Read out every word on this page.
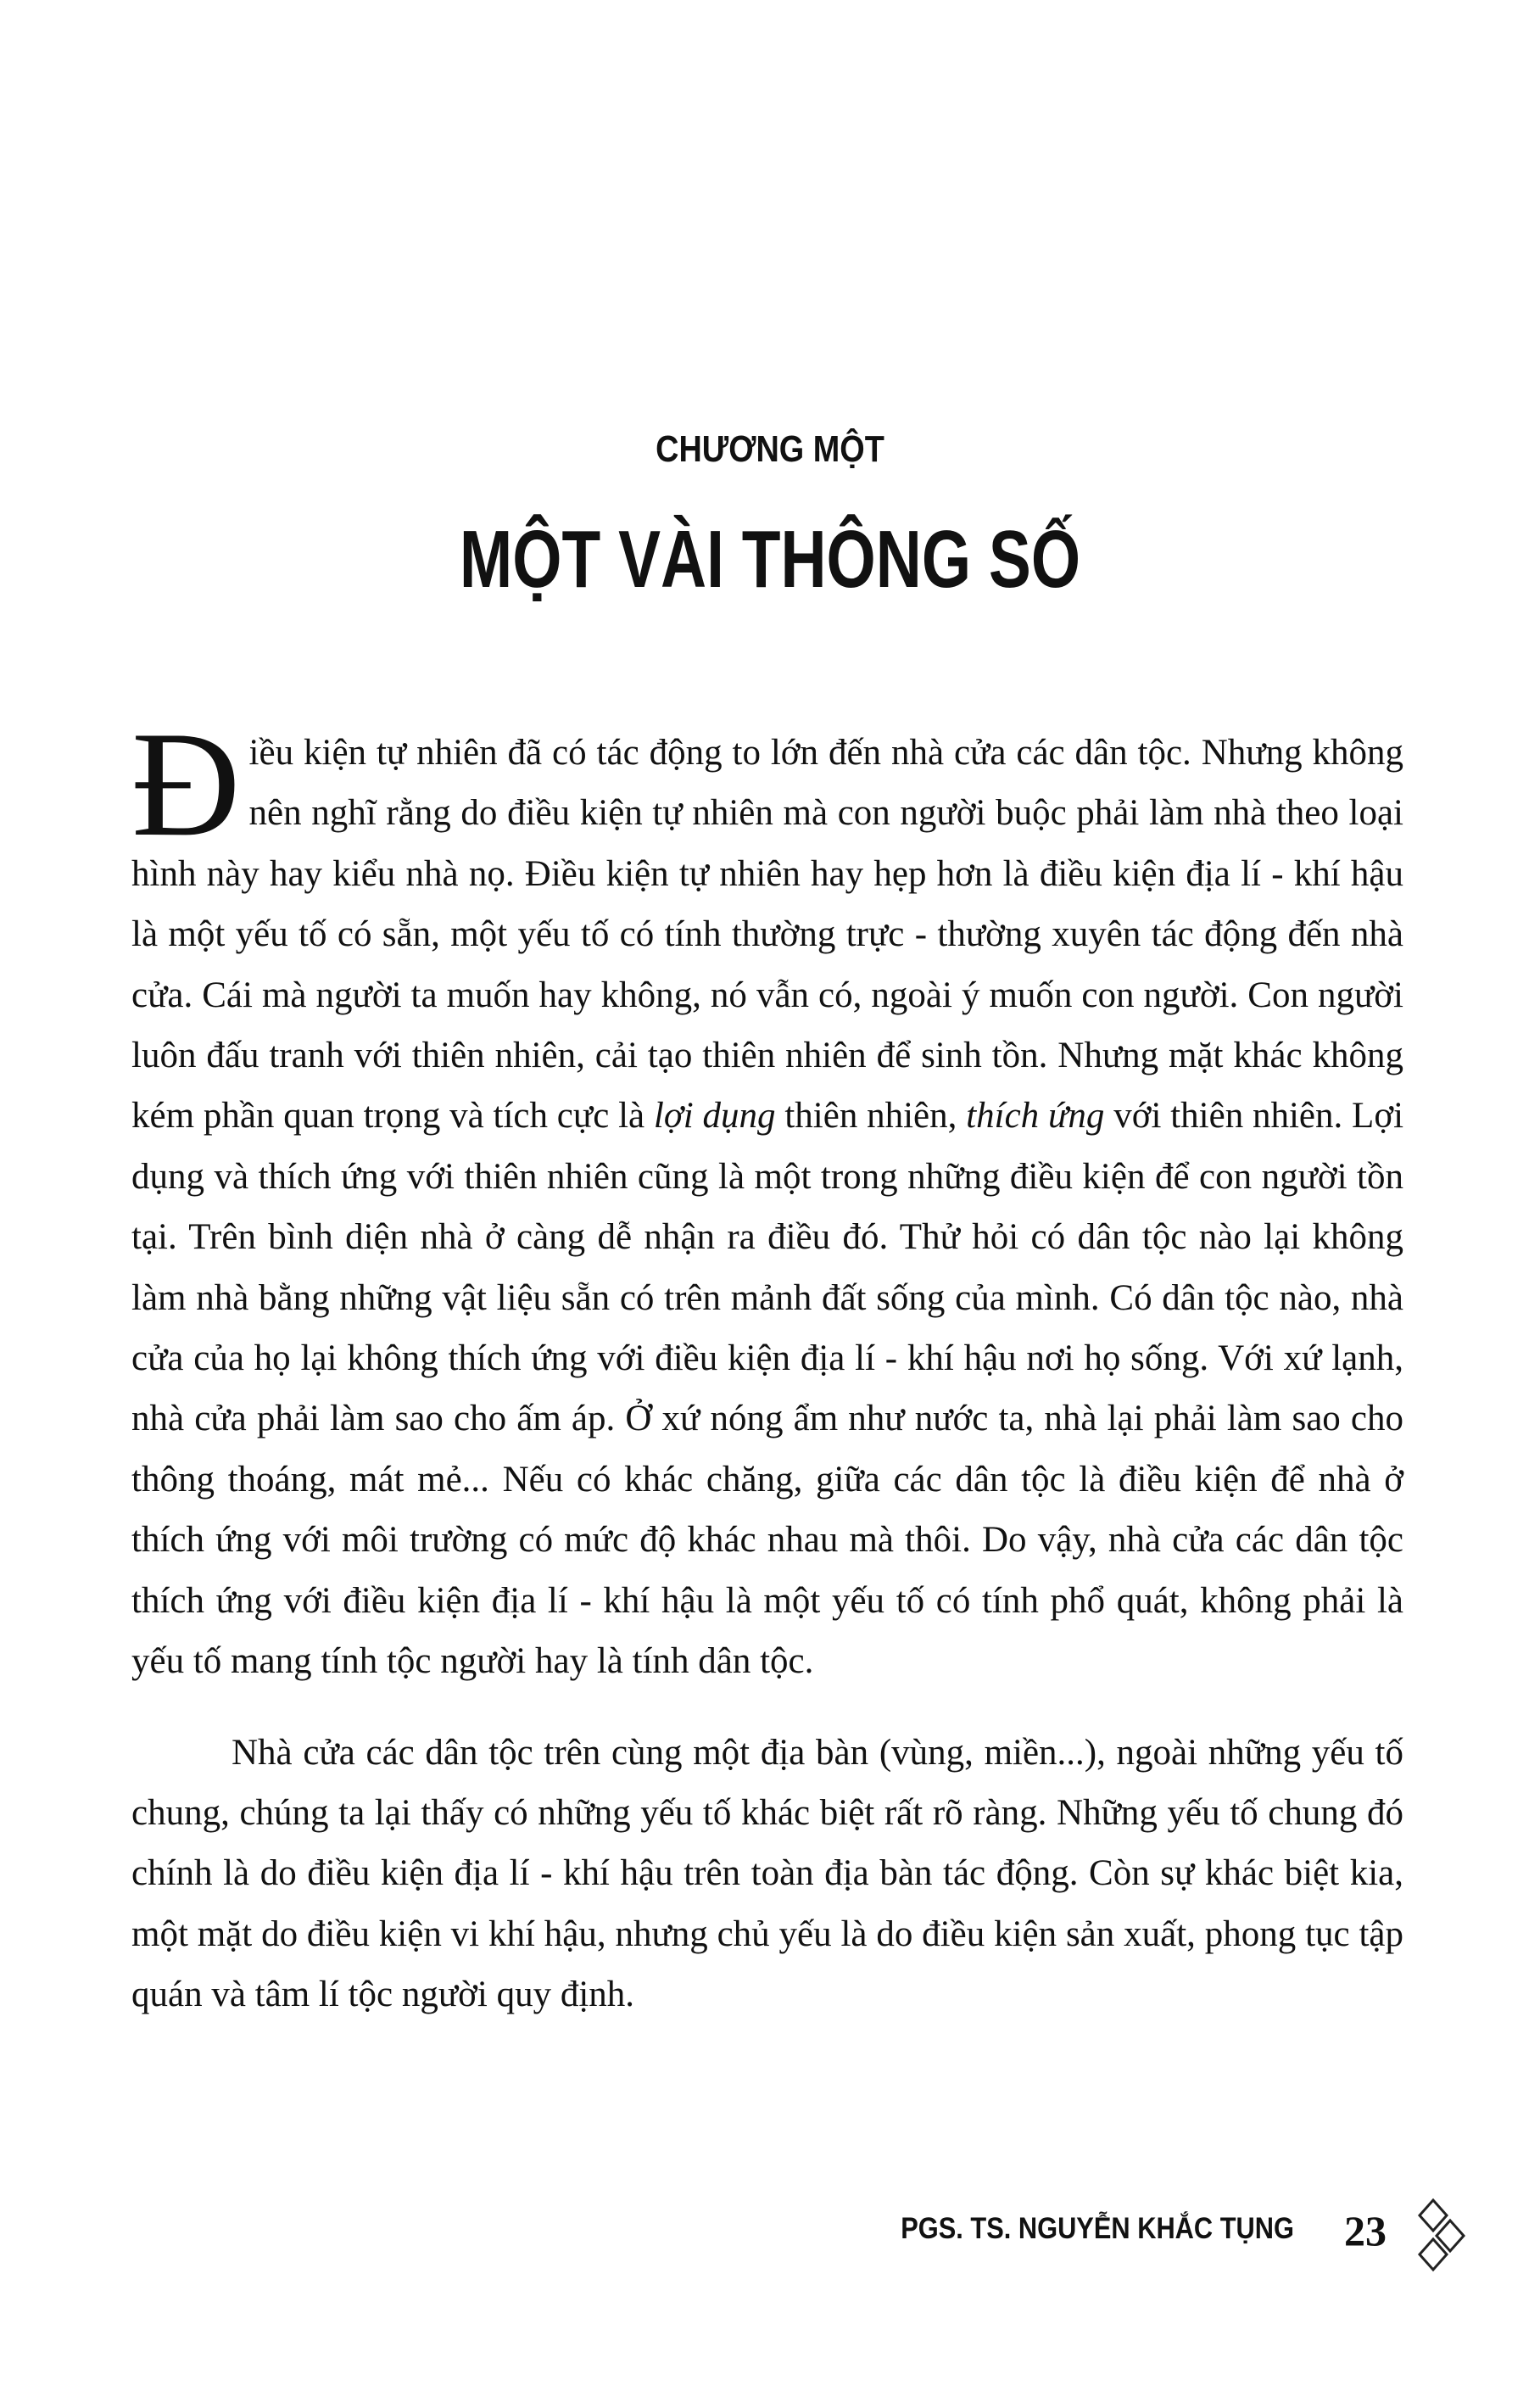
CHƯƠNG MỘT
MỘT VÀI THÔNG SỐ

Điều kiện tự nhiên đã có tác động to lớn đến nhà cửa các dân tộc. Nhưng không nên nghĩ rằng do điều kiện tự nhiên mà con người buộc phải làm nhà theo loại hình này hay kiểu nhà nọ. Điều kiện tự nhiên hay hẹp hơn là điều kiện địa lí - khí hậu là một yếu tố có sẵn, một yếu tố có tính thường trực - thường xuyên tác động đến nhà cửa. Cái mà người ta muốn hay không, nó vẫn có, ngoài ý muốn con người. Con người luôn đấu tranh với thiên nhiên, cải tạo thiên nhiên để sinh tồn. Nhưng mặt khác không kém phần quan trọng và tích cực là lợi dụng thiên nhiên, thích ứng với thiên nhiên. Lợi dụng và thích ứng với thiên nhiên cũng là một trong những điều kiện để con người tồn tại. Trên bình diện nhà ở càng dễ nhận ra điều đó. Thử hỏi có dân tộc nào lại không làm nhà bằng những vật liệu sẵn có trên mảnh đất sống của mình. Có dân tộc nào, nhà cửa của họ lại không thích ứng với điều kiện địa lí - khí hậu nơi họ sống. Với xứ lạnh, nhà cửa phải làm sao cho ấm áp. Ở xứ nóng ẩm như nước ta, nhà lại phải làm sao cho thông thoáng, mát mẻ... Nếu có khác chăng, giữa các dân tộc là điều kiện để nhà ở thích ứng với môi trường có mức độ khác nhau mà thôi. Do vậy, nhà cửa các dân tộc thích ứng với điều kiện địa lí - khí hậu là một yếu tố có tính phổ quát, không phải là yếu tố mang tính tộc người hay là tính dân tộc.

Nhà cửa các dân tộc trên cùng một địa bàn (vùng, miền...), ngoài những yếu tố chung, chúng ta lại thấy có những yếu tố khác biệt rất rõ ràng. Những yếu tố chung đó chính là do điều kiện địa lí - khí hậu trên toàn địa bàn tác động. Còn sự khác biệt kia, một mặt do điều kiện vi khí hậu, nhưng chủ yếu là do điều kiện sản xuất, phong tục tập quán và tâm lí tộc người quy định.

PGS. TS. NGUYỄN KHẮC TỤNG 23
